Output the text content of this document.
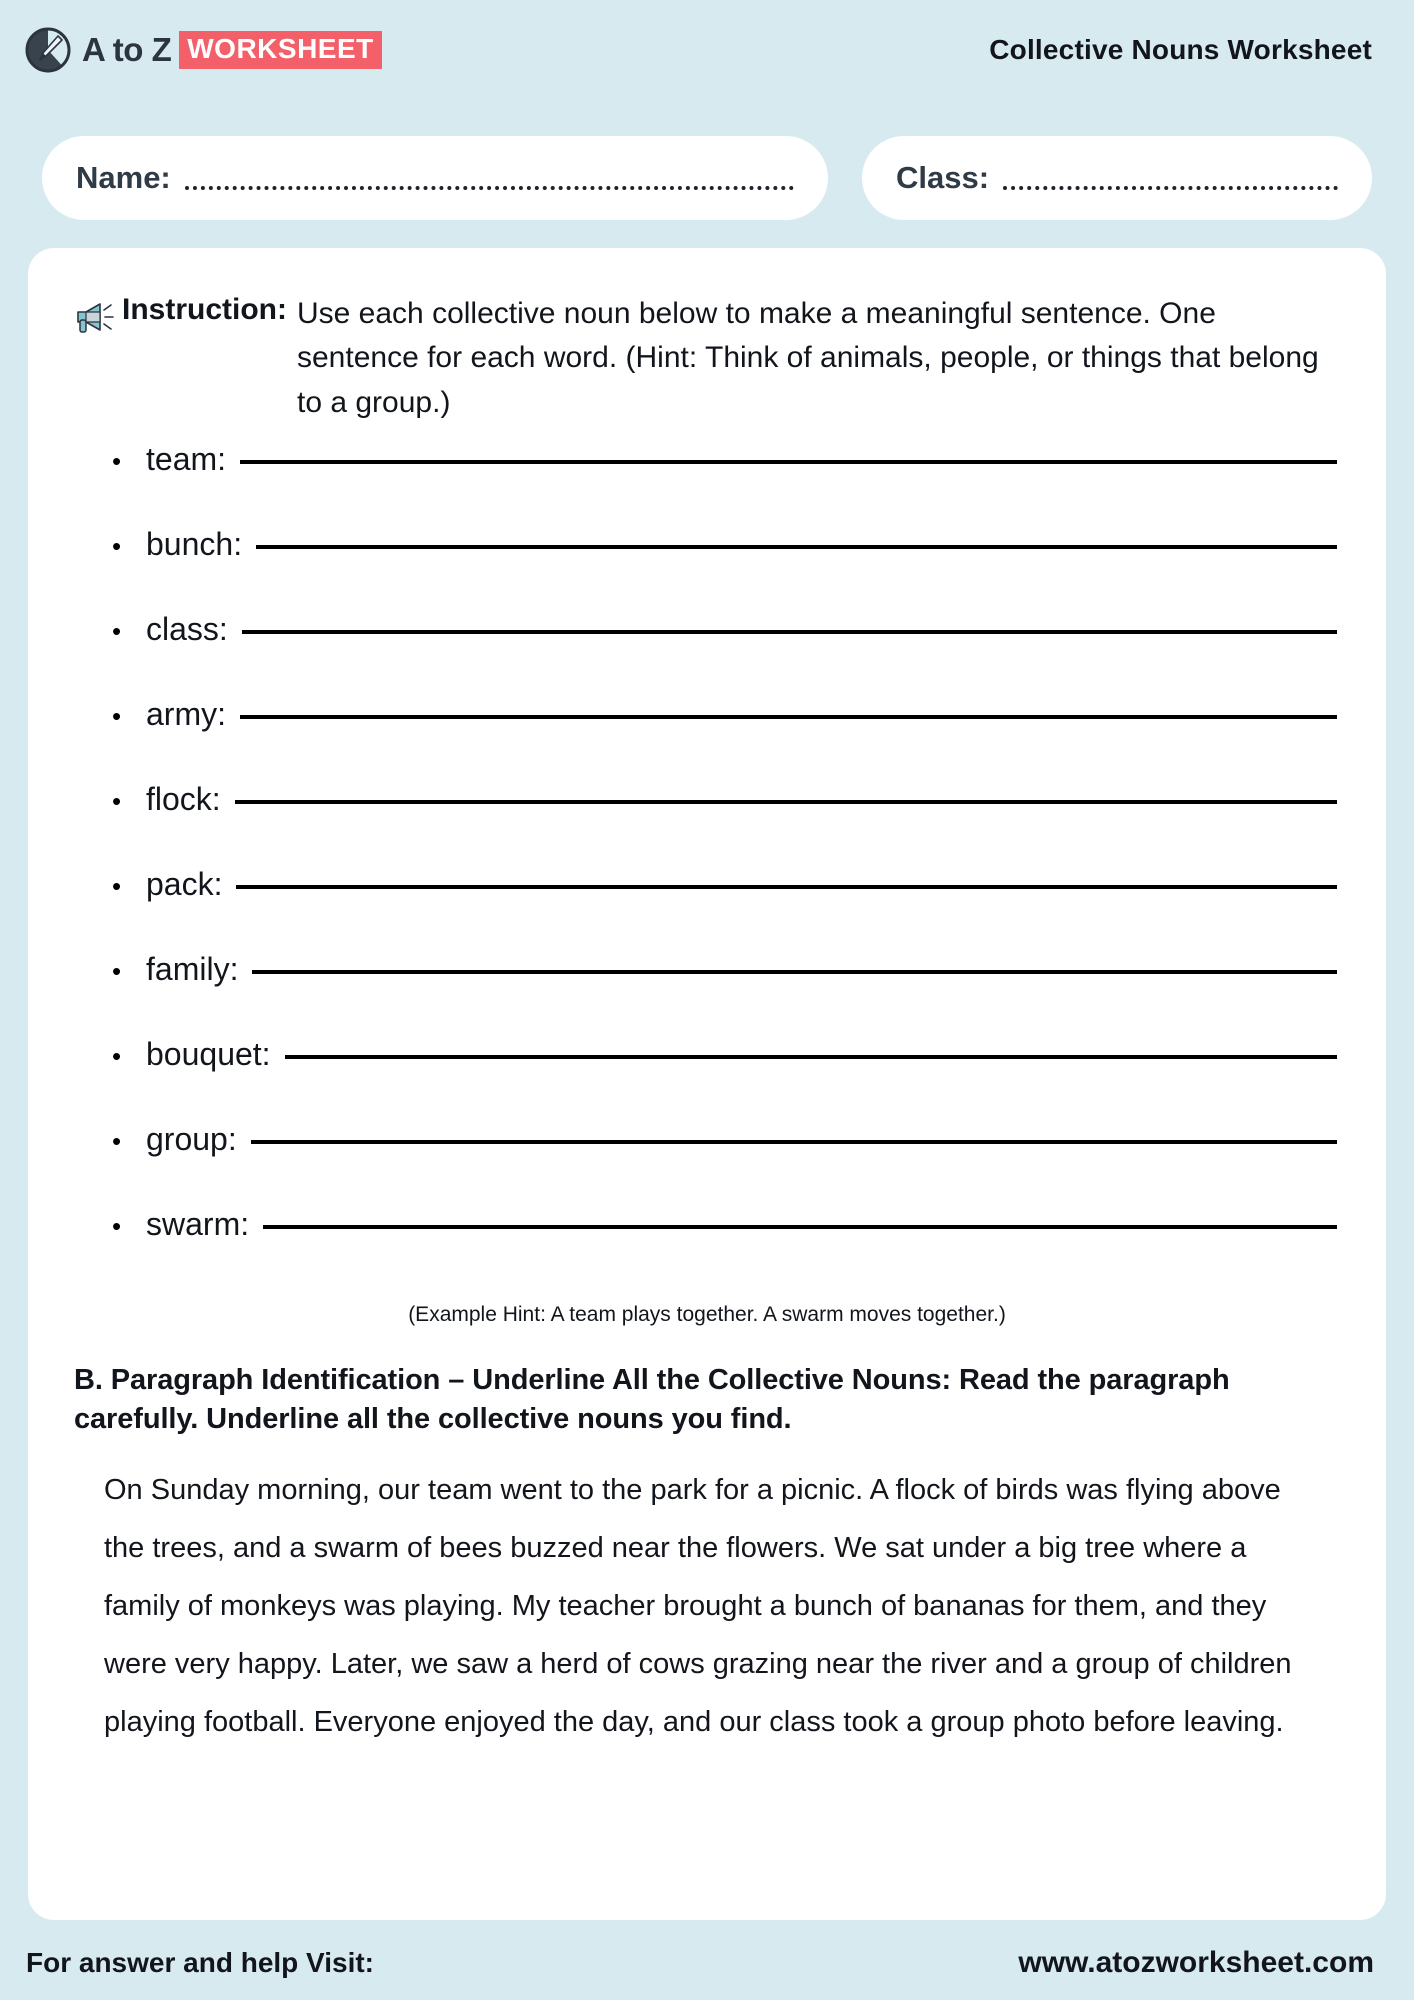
A to Z WORKSHEET	Collective Nouns Worksheet
Name:	Class:
Instruction: Use each collective noun below to make a meaningful sentence. One sentence for each word. (Hint: Think of animals, people, or things that belong to a group.)
• team:
• bunch:
• class:
• army:
• flock:
• pack:
• family:
• bouquet:
• group:
• swarm:
(Example Hint: A team plays together. A swarm moves together.)
B. Paragraph Identification – Underline All the Collective Nouns: Read the paragraph carefully. Underline all the collective nouns you find.
On Sunday morning, our team went to the park for a picnic. A flock of birds was flying above the trees, and a swarm of bees buzzed near the flowers. We sat under a big tree where a family of monkeys was playing. My teacher brought a bunch of bananas for them, and they were very happy. Later, we saw a herd of cows grazing near the river and a group of children playing football. Everyone enjoyed the day, and our class took a group photo before leaving.
For answer and help Visit:	www.atozworksheet.com
